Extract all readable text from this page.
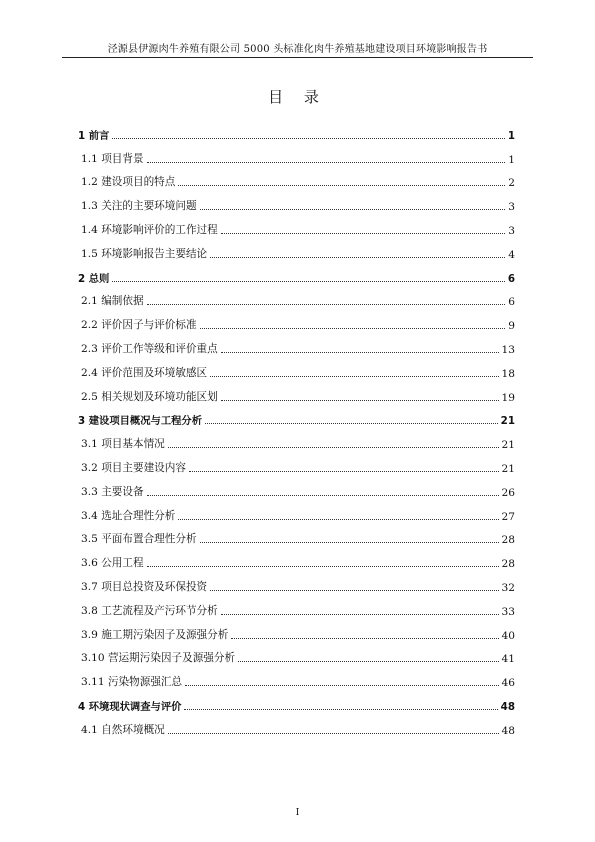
泾源县伊源肉牛养殖有限公司 5000 头标准化肉牛养殖基地建设项目环境影响报告书
目 录
1 前言	1
1.1 项目背景	1
1.2 建设项目的特点	2
1.3 关注的主要环境问题	3
1.4 环境影响评价的工作过程	3
1.5 环境影响报告主要结论	4
2 总则	6
2.1 编制依据	6
2.2 评价因子与评价标准	9
2.3 评价工作等级和评价重点	13
2.4 评价范围及环境敏感区	18
2.5 相关规划及环境功能区划	19
3 建设项目概况与工程分析	21
3.1 项目基本情况	21
3.2 项目主要建设内容	21
3.3 主要设备	26
3.4 选址合理性分析	27
3.5 平面布置合理性分析	28
3.6 公用工程	28
3.7 项目总投资及环保投资	32
3.8 工艺流程及产污环节分析	33
3.9 施工期污染因子及源强分析	40
3.10 营运期污染因子及源强分析	41
3.11 污染物源强汇总	46
4 环境现状调查与评价	48
4.1 自然环境概况	48
I
